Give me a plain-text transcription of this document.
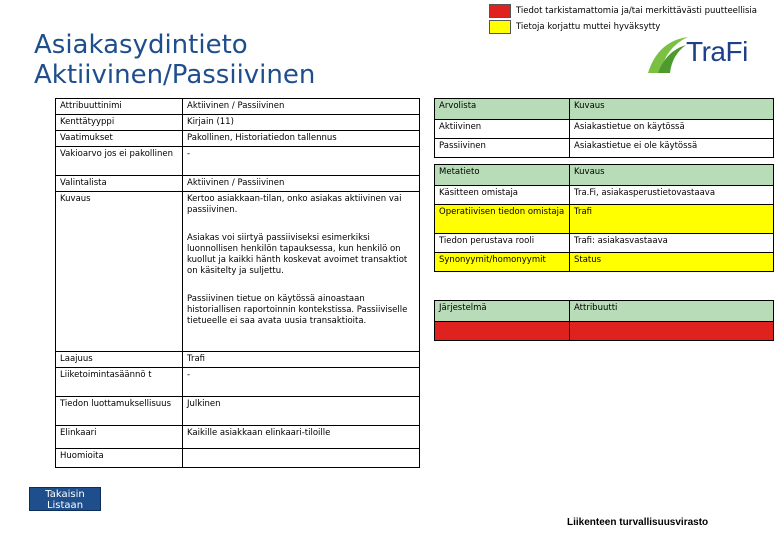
Tiedot tarkistamattomia ja/tai merkittävästi puutteellisia
Tietoja korjattu muttei hyväksytty
Asiakasydintieto
Aktiivinen/Passiivinen
TraFi
Attribuuttinimi	Aktiivinen / Passiivinen
Kenttätyyppi	Kirjain (11)
Vaatimukset	Pakollinen, Historiatiedon tallennus
Vakioarvo jos ei pakollinen	-
Valintalista	Aktiivinen / Passiivinen
Kuvaus	Kertoo asiakkaan-tilan, onko asiakas aktiivinen vai passiivinen.
Asiakas voi siirtyä passiiviseksi esimerkiksi luonnollisen henkilön tapauksessa, kun henkilö on kuollut ja kaikki hänth koskevat avoimet transaktiot on käsitelty ja suljettu.
Passiivinen tietue on käytössä ainoastaan historiallisen raportoinnin kontekstissa. Passiiviselle tietueelle ei saa avata uusia transaktioita.

Laajuus	Trafi
Liiketoimintasäännö t	-
Tiedon luottamuksellisuus	Julkinen
Elinkaari	Kaikille asiakkaan elinkaari-tiloille
Huomioita	
Arvolista	Kuvaus
Aktiivinen	Asiakastietue on käytössä
Passiivinen	Asiakastietue ei ole käytössä

Metatieto	Kuvaus
Käsitteen omistaja	Tra.Fi, asiakasperustietovastaava
Operatiivisen tiedon omistaja	Trafi
Tiedon perustava rooli	Trafi: asiakasvastaava
Synonyymit/homonyymit	Status

Järjestelmä	Attribuutti

Takaisin
Listaan
Liikenteen turvallisuusvirasto
